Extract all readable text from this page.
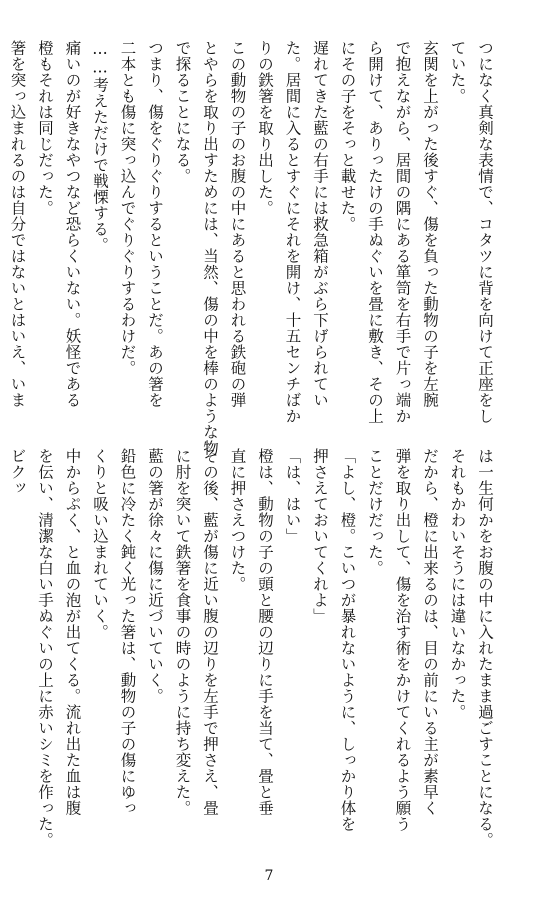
つになく真剣な表情で、コタツに背を向けて正座をし
ていた。
玄関を上がった後すぐ、傷を負った動物の子を左腕
で抱えながら、居間の隅にある箪笥を右手で片っ端か
ら開けて、ありったけの手ぬぐいを畳に敷き、その上
にその子をそっと載せた。
遅れてきた藍の右手には救急箱がぶら下げられてい
た。居間に入るとすぐにそれを開け、十五センチばか
りの鉄箸を取り出した。
この動物の子のお腹の中にあると思われる鉄砲の弾
とやらを取り出すためには、当然、傷の中を棒のような物
で探ることになる。
つまり、傷をぐりぐりするということだ。あの箸を
二本とも傷に突っ込んでぐりぐりするわけだ。
……考えただけで戦慄する。
痛いのが好きなやつなど恐らくいない。妖怪である
橙もそれは同じだった。
箸を突っ込まれるのは自分ではないとはいえ、いま
は一生何かをお腹の中に入れたまま過ごすことになる。
それもかわいそうには違いなかった。
だから、橙に出来るのは、目の前にいる主が素早く
弾を取り出して、傷を治す術をかけてくれるよう願う
ことだけだった。
「よし、橙。こいつが暴れないように、しっかり体を
押さえておいてくれよ」
「は、はい」
橙は、動物の子の頭と腰の辺りに手を当て、畳と垂
直に押さえつけた。
その後、藍が傷に近い腹の辺りを左手で押さえ、畳
に肘を突いて鉄箸を食事の時のように持ち変えた。
藍の箸が徐々に傷に近づいていく。
鉛色に冷たく鈍く光った箸は、動物の子の傷にゆっ
くりと吸い込まれていく。
中からぷく、と血の泡が出てくる。流れ出た血は腹
を伝い、清潔な白い手ぬぐいの上に赤いシミを作った。
ビクッ
7
